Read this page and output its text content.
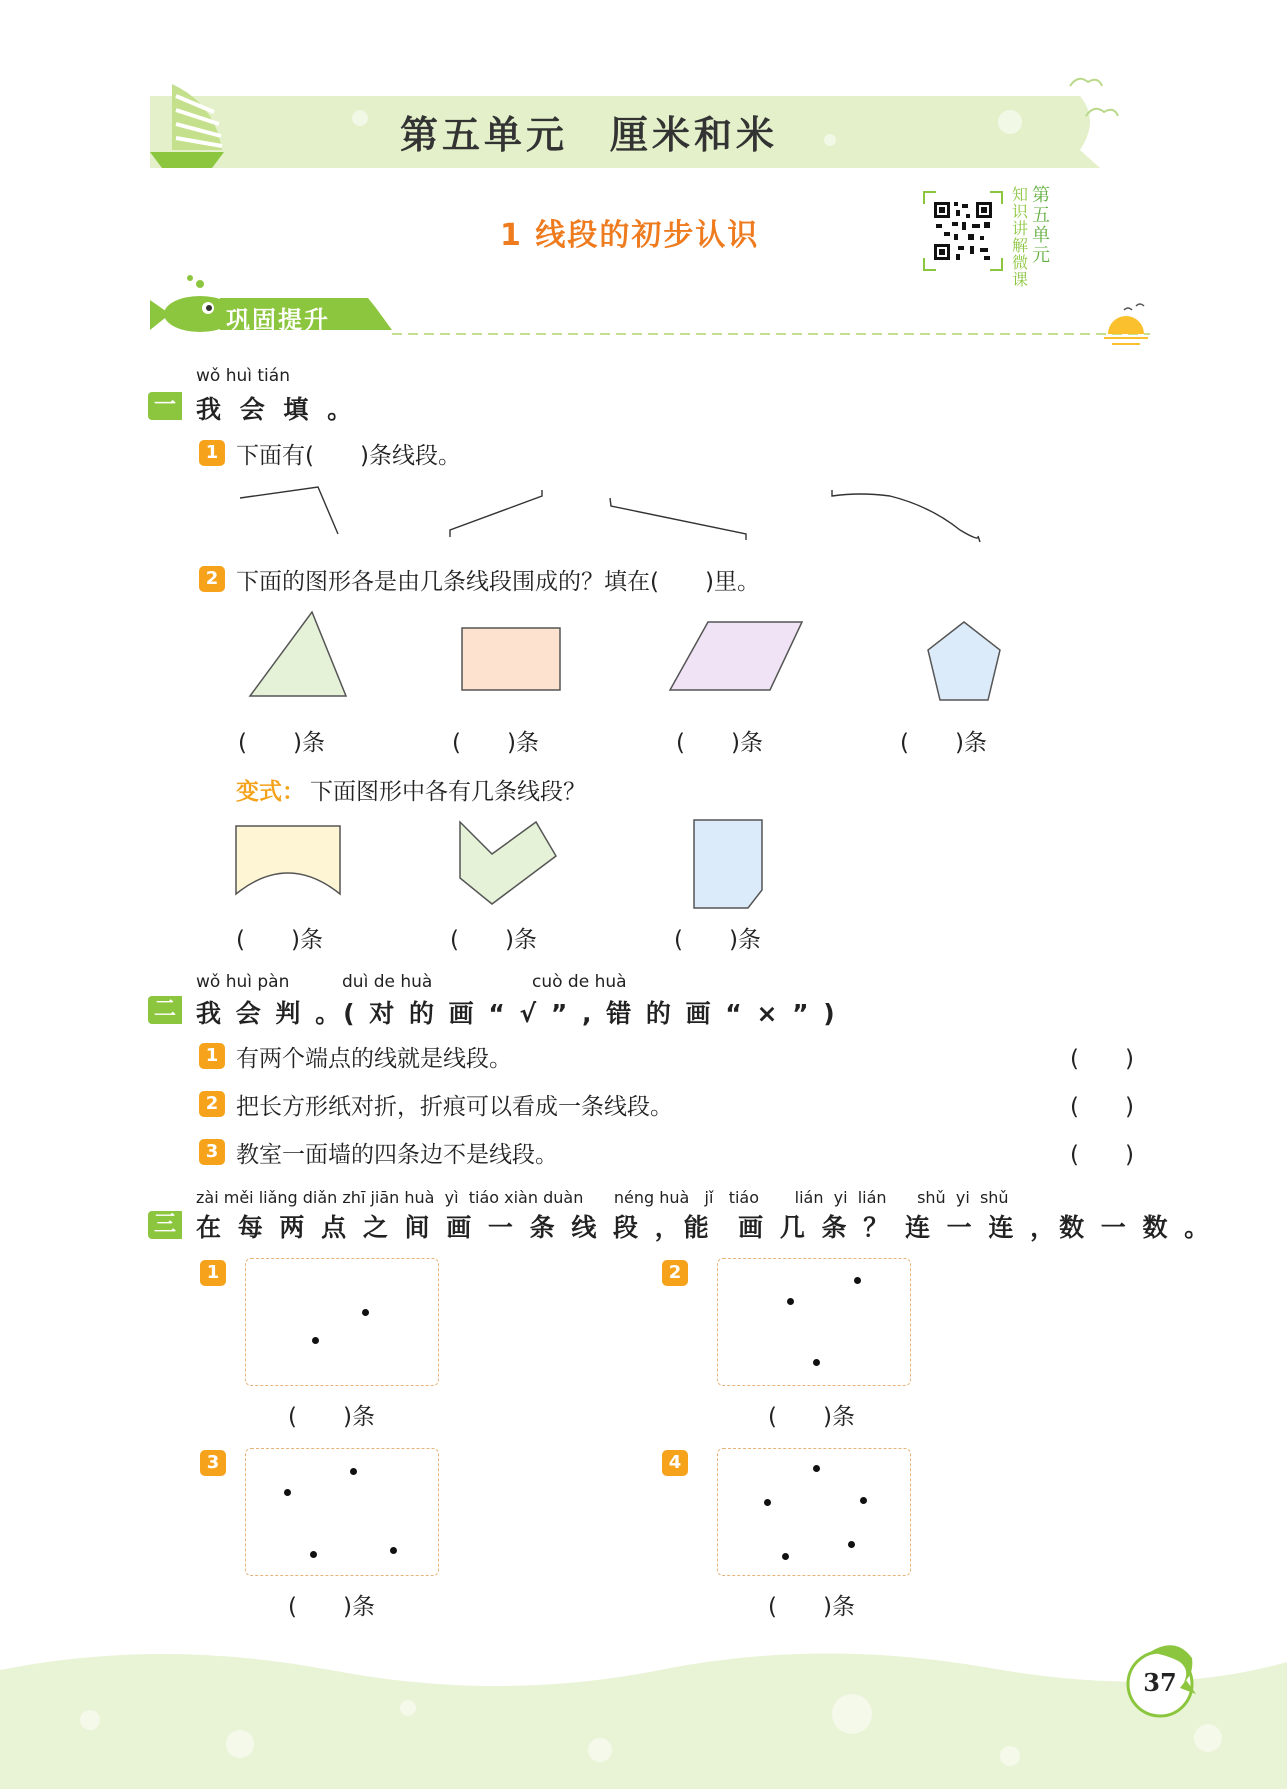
第五单元　厘米和米
1 线段的初步认识
知识讲解微课
第五单元
巩固提升
wǒ huì tián
一 我 会 填 。
1 下面有(　　)条线段。
2 下面的图形各是由几条线段围成的？填在(　　)里。
(　　)条	(　　)条	(　　)条	(　　)条
变式： 下面图形中各有几条线段？
(　　)条	(　　)条	(　　)条
wǒ huì pàn	duì de huà	cuò de huà
二 我 会 判 。( 对 的 画 “ √ ” , 错 的 画 “ × ” )
1 有两个端点的线就是线段。	(　　)
2 把长方形纸对折，折痕可以看成一条线段。	(　　)
3 教室一面墙的四条边不是线段。	(　　)
zài měi liǎng diǎn zhī jiān huà  yì  tiáo xiàn duàn      néng huà   jǐ   tiáo       lián  yi  lián      shǔ  yi  shǔ
三 在 每 两 点 之 间 画 一 条 线 段 ，能  画 几 条 ？ 连 一 连 ，数 一 数 。
1
(　　)条
2
(　　)条
3
(　　)条
4
(　　)条
37
